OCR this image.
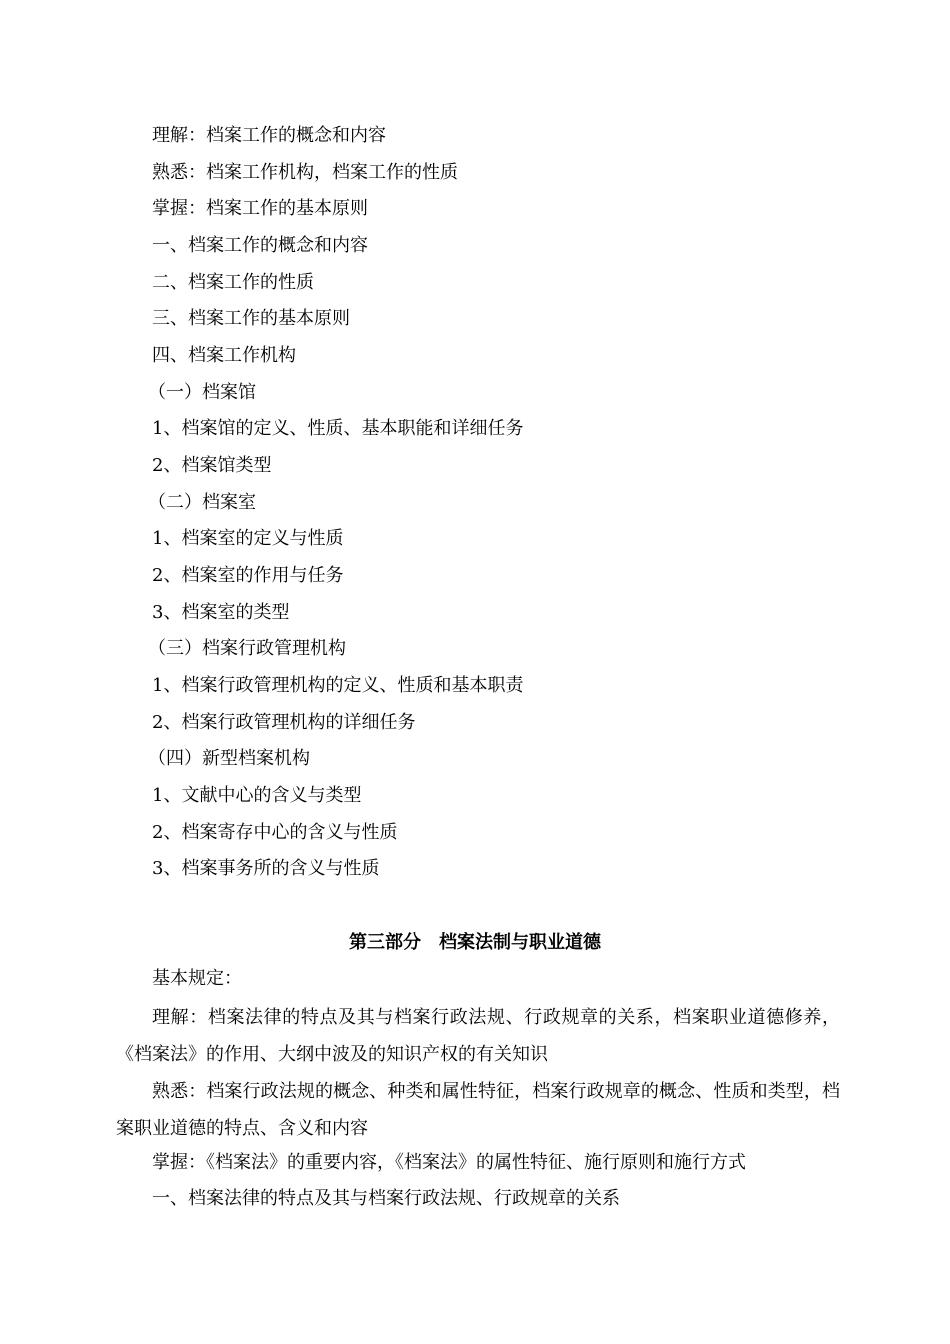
理解：档案工作的概念和内容
熟悉：档案工作机构，档案工作的性质
掌握：档案工作的基本原则
一、档案工作的概念和内容
二、档案工作的性质
三、档案工作的基本原则
四、档案工作机构
（一）档案馆
1、档案馆的定义、性质、基本职能和详细任务
2、档案馆类型
（二）档案室
1、档案室的定义与性质
2、档案室的作用与任务
3、档案室的类型
（三）档案行政管理机构
1、档案行政管理机构的定义、性质和基本职责
2、档案行政管理机构的详细任务
（四）新型档案机构
1、文献中心的含义与类型
2、档案寄存中心的含义与性质
3、档案事务所的含义与性质
第三部分　档案法制与职业道德
基本规定：
理解：档案法律的特点及其与档案行政法规、行政规章的关系，档案职业道德修养，《档案法》的作用、大纲中波及的知识产权的有关知识
熟悉：档案行政法规的概念、种类和属性特征，档案行政规章的概念、性质和类型，档案职业道德的特点、含义和内容
掌握：《档案法》的重要内容，《档案法》的属性特征、施行原则和施行方式
一、档案法律的特点及其与档案行政法规、行政规章的关系
